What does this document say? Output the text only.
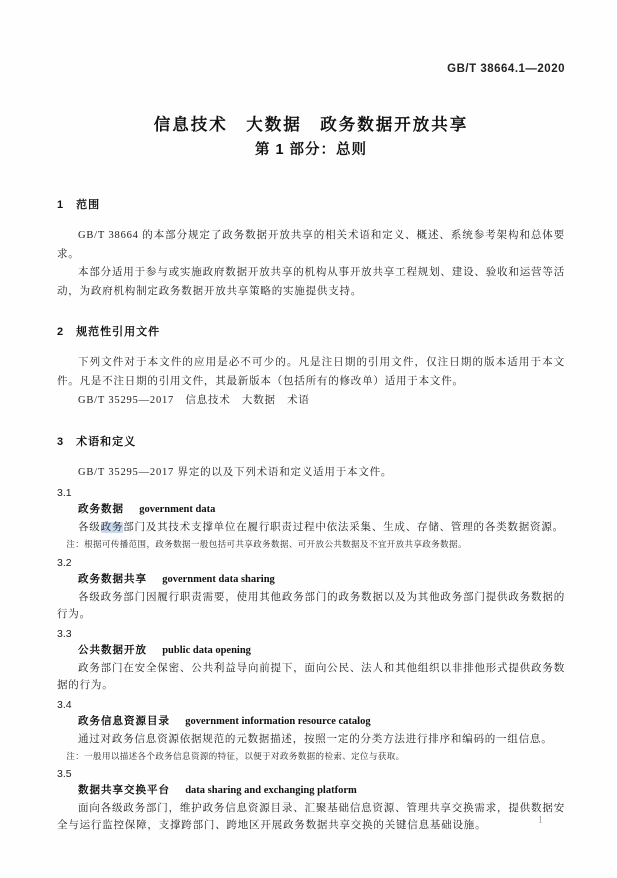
GB/T 38664.1—2020
信息技术　大数据　政务数据开放共享
第 1 部分：总则
1　范围

GB/T 38664 的本部分规定了政务数据开放共享的相关术语和定义、概述、系统参考架构和总体要求。

本部分适用于参与或实施政府数据开放共享的机构从事开放共享工程规划、建设、验收和运营等活动，为政府机构制定政务数据开放共享策略的实施提供支持。

2　规范性引用文件

下列文件对于本文件的应用是必不可少的。凡是注日期的引用文件，仅注日期的版本适用于本文件。凡是不注日期的引用文件，其最新版本（包括所有的修改单）适用于本文件。

GB/T 35295—2017　信息技术　大数据　术语

3　术语和定义

GB/T 35295—2017 界定的以及下列术语和定义适用于本文件。

3.1
政务数据 government data

各级政务部门及其技术支撑单位在履行职责过程中依法采集、生成、存储、管理的各类数据资源。

注：根据可传播范围，政务数据一般包括可共享政务数据、可开放公共数据及不宜开放共享政务数据。

3.2
政务数据共享 government data sharing

各级政务部门因履行职责需要，使用其他政务部门的政务数据以及为其他政务部门提供政务数据的行为。

3.3
公共数据开放 public data opening

政务部门在安全保密、公共利益导向前提下，面向公民、法人和其他组织以非排他形式提供政务数据的行为。

3.4
政务信息资源目录 government information resource catalog

通过对政务信息资源依据规范的元数据描述，按照一定的分类方法进行排序和编码的一组信息。

注：一般用以描述各个政务信息资源的特征，以便于对政务数据的检索、定位与获取。

3.5
数据共享交换平台 data sharing and exchanging platform

面向各级政务部门，维护政务信息资源目录、汇聚基础信息资源、管理共享交换需求，提供数据安全与运行监控保障，支撑跨部门、跨地区开展政务数据共享交换的关键信息基础设施。	1
